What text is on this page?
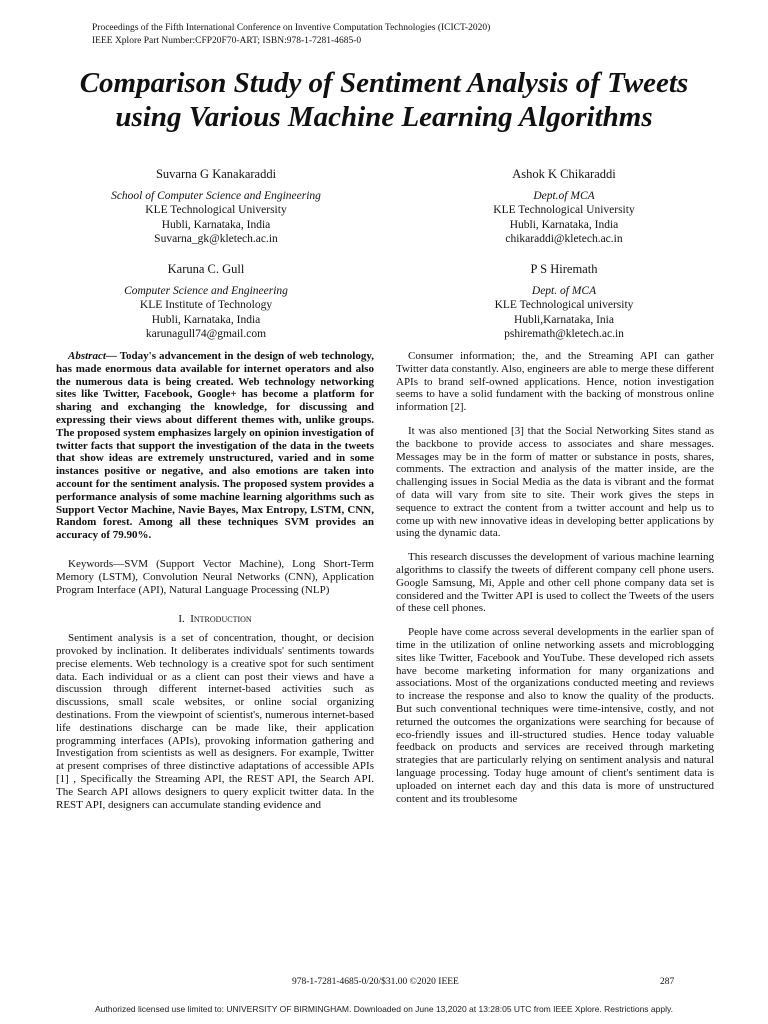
Proceedings of the Fifth International Conference on Inventive Computation Technologies (ICICT-2020)
IEEE Xplore Part Number:CFP20F70-ART; ISBN:978-1-7281-4685-0
Comparison Study of Sentiment Analysis of Tweets
using Various Machine Learning Algorithms
Suvarna G Kanakaraddi
School of Computer Science and Engineering
KLE Technological University
Hubli, Karnataka, India
Suvarna_gk@kletech.ac.in
Ashok K Chikaraddi
Dept.of MCA
KLE Technological University
Hubli, Karnataka, India
chikaraddi@kletech.ac.in
Karuna C. Gull
Computer Science and Engineering
KLE Institute of Technology
Hubli, Karnataka, India
karunagull74@gmail.com
P S Hiremath
Dept. of MCA
KLE Technological university
Hubli,Karnataka, Inia
pshiremath@kletech.ac.in

Abstract— Today's advancement in the design of web technology, has made enormous data available for internet operators and also the numerous data is being created. Web technology networking sites like Twitter, Facebook, Google+ has become a platform for sharing and exchanging the knowledge, for discussing and expressing their views about different themes with, unlike groups. The proposed system emphasizes largely on opinion investigation of twitter facts that support the investigation of the data in the tweets that show ideas are extremely unstructured, varied and in some instances positive or negative, and also emotions are taken into account for the sentiment analysis. The proposed system provides a performance analysis of some machine learning algorithms such as Support Vector Machine, Navie Bayes, Max Entropy, LSTM, CNN, Random forest. Among all these techniques SVM provides an accuracy of 79.90%.

Keywords—SVM (Support Vector Machine), Long Short-Term Memory (LSTM), Convolution Neural Networks (CNN), Application Program Interface (API), Natural Language Processing (NLP)

I. Introduction

Sentiment analysis is a set of concentration, thought, or decision provoked by inclination. It deliberates individuals' sentiments towards precise elements. Web technology is a creative spot for such sentiment data. Each individual or as a client can post their views and have a discussion through different internet-based activities such as discussions, small scale websites, or online social organizing destinations. From the viewpoint of scientist's, numerous internet-based life destinations discharge can be made like, their application programming interfaces (APIs), provoking information gathering and Investigation from scientists as well as designers. For example, Twitter at present comprises of three distinctive adaptations of accessible APIs [1] , Specifically the Streaming API, the REST API, the Search API. The Search API allows designers to query explicit twitter data. In the REST API, designers can accumulate standing evidence and

Consumer information; the, and the Streaming API can gather Twitter data constantly. Also, engineers are able to merge these different APIs to brand self-owned applications. Hence, notion investigation seems to have a solid fundament with the backing of monstrous online information [2].

It was also mentioned [3] that the Social Networking Sites stand as the backbone to provide access to associates and share messages. Messages may be in the form of matter or substance in posts, shares, comments. The extraction and analysis of the matter inside, are the challenging issues in Social Media as the data is vibrant and the format of data will vary from site to site. Their work gives the steps in sequence to extract the content from a twitter account and help us to come up with new innovative ideas in developing better applications by using the dynamic data.

This research discusses the development of various machine learning algorithms to classify the tweets of different company cell phone users. Google Samsung, Mi, Apple and other cell phone company data set is considered and the Twitter API is used to collect the Tweets of the users of these cell phones.

People have come across several developments in the earlier span of time in the utilization of online networking assets and microblogging sites like Twitter, Facebook and YouTube. These developed rich assets have become marketing information for many organizations and associations. Most of the organizations conducted meeting and reviews to increase the response and also to know the quality of the products. But such conventional techniques were time-intensive, costly, and not returned the outcomes the organizations were searching for because of eco-friendly issues and ill-structured studies. Hence today valuable feedback on products and services are received through marketing strategies that are particularly relying on sentiment analysis and natural language processing. Today huge amount of client's sentiment data is uploaded on internet each day and this data is more of unstructured content and its troublesome

978-1-7281-4685-0/20/$31.00 ©2020 IEEE	287
Authorized licensed use limited to: UNIVERSITY OF BIRMINGHAM. Downloaded on June 13,2020 at 13:28:05 UTC from IEEE Xplore. Restrictions apply.
